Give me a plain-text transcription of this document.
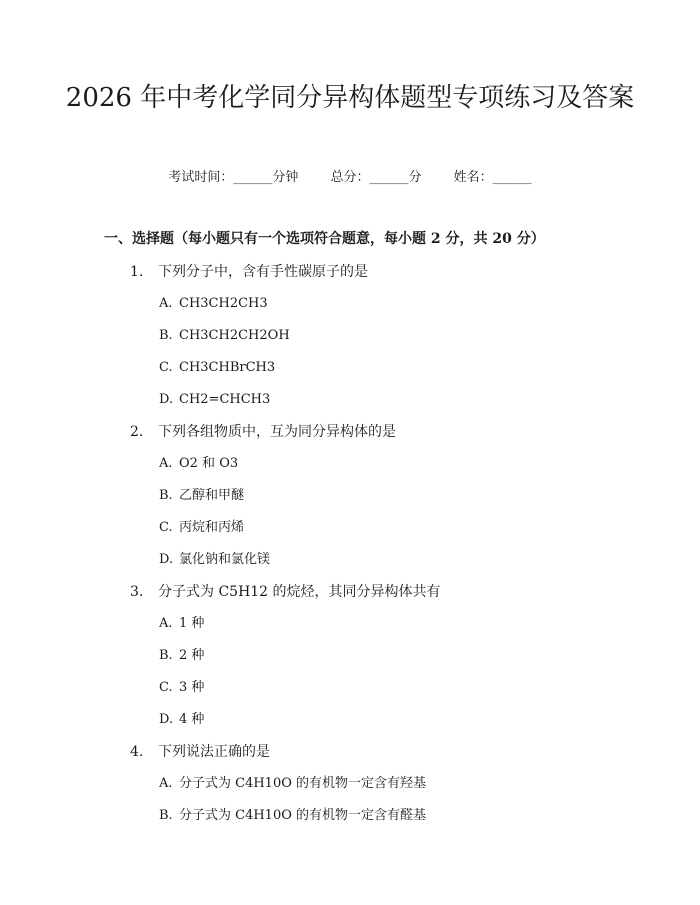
2026 年中考化学同分异构体题型专项练习及答案
考试时间：______分钟 总分：______分 姓名：______
一、选择题（每小题只有一个选项符合题意，每小题 2 分，共 20 分）
1. 下列分子中，含有手性碳原子的是
A. CH3CH2CH3
B. CH3CH2CH2OH
C. CH3CHBrCH3
D. CH2=CHCH3
2. 下列各组物质中，互为同分异构体的是
A. O2 和 O3
B. 乙醇和甲醚
C. 丙烷和丙烯
D. 氯化钠和氯化镁
3. 分子式为 C5H12 的烷烃，其同分异构体共有
A. 1 种
B. 2 种
C. 3 种
D. 4 种
4. 下列说法正确的是
A. 分子式为 C4H10O 的有机物一定含有羟基
B. 分子式为 C4H10O 的有机物一定含有醛基
